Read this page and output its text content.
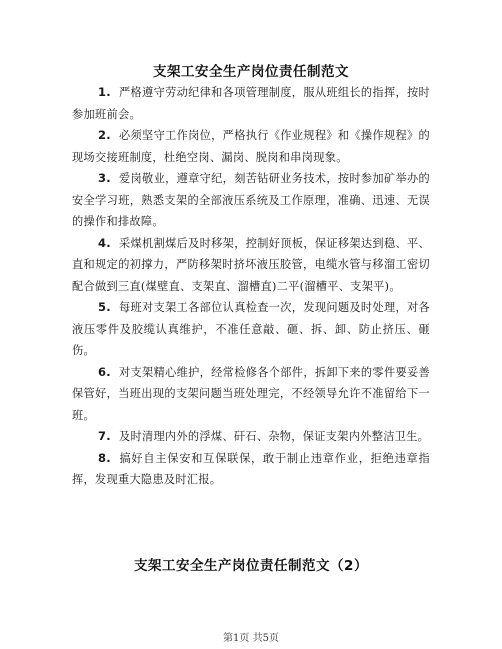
支架工安全生产岗位责任制范文

1. 严格遵守劳动纪律和各项管理制度，服从班组长的指挥，按时参加班前会。

2. 必须坚守工作岗位，严格执行《作业规程》和《操作规程》的现场交接班制度，杜绝空岗、漏岗、脱岗和串岗现象。

3. 爱岗敬业，遵章守纪，刻苦钻研业务技术，按时参加矿举办的安全学习班，熟悉支架的全部液压系统及工作原理，准确、迅速、无误的操作和排故障。

4. 采煤机割煤后及时移架，控制好顶板，保证移架达到稳、平、直和规定的初撑力，严防移架时挤坏液压胶管，电缆水管与移溜工密切配合做到三直(煤壁直、支架直、溜槽直)二平(溜槽平、支架平)。

5. 每班对支架工各部位认真检查一次，发现问题及时处理，对各液压零件及胶缆认真维护，不准任意敲、砸、拆、卸、防止挤压、砸伤。

6. 对支架精心维护，经常检修各个部件，拆卸下来的零件要妥善保管好，当班出现的支架问题当班处理完，不经领导允许不准留给下一班。

7. 及时清理内外的浮煤、矸石、杂物，保证支架内外整洁卫生。

8. 搞好自主保安和互保联保，敢于制止违章作业，拒绝违章指挥，发现重大隐患及时汇报。

支架工安全生产岗位责任制范文（2）
第1页 共5页
